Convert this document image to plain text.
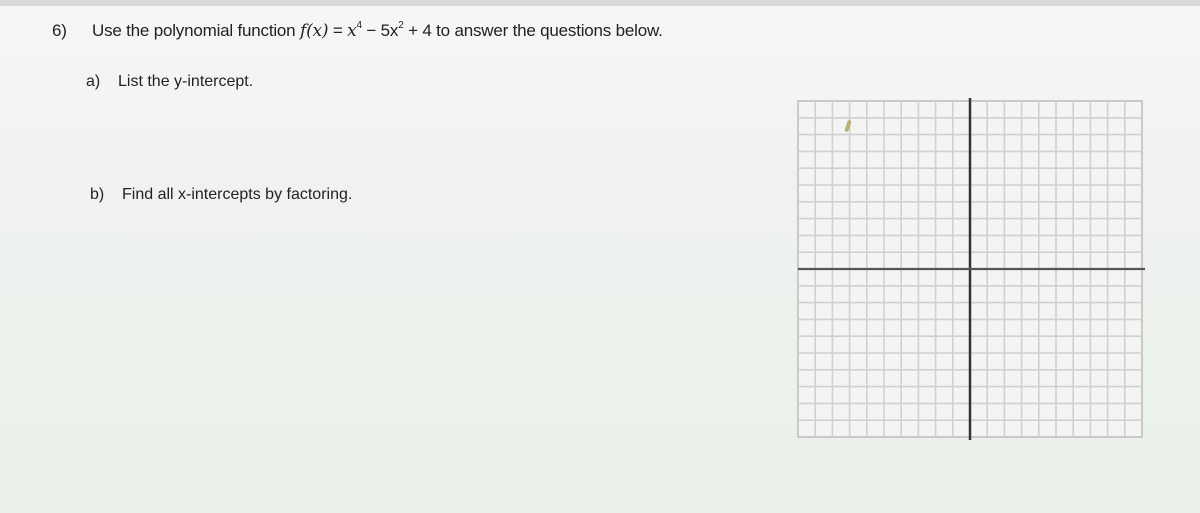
6) Use the polynomial function $f(x) = x^4 - 5x^2 + 4$ to answer the questions below.
a) List the y-intercept.
b) Find all x-intercepts by factoring.
